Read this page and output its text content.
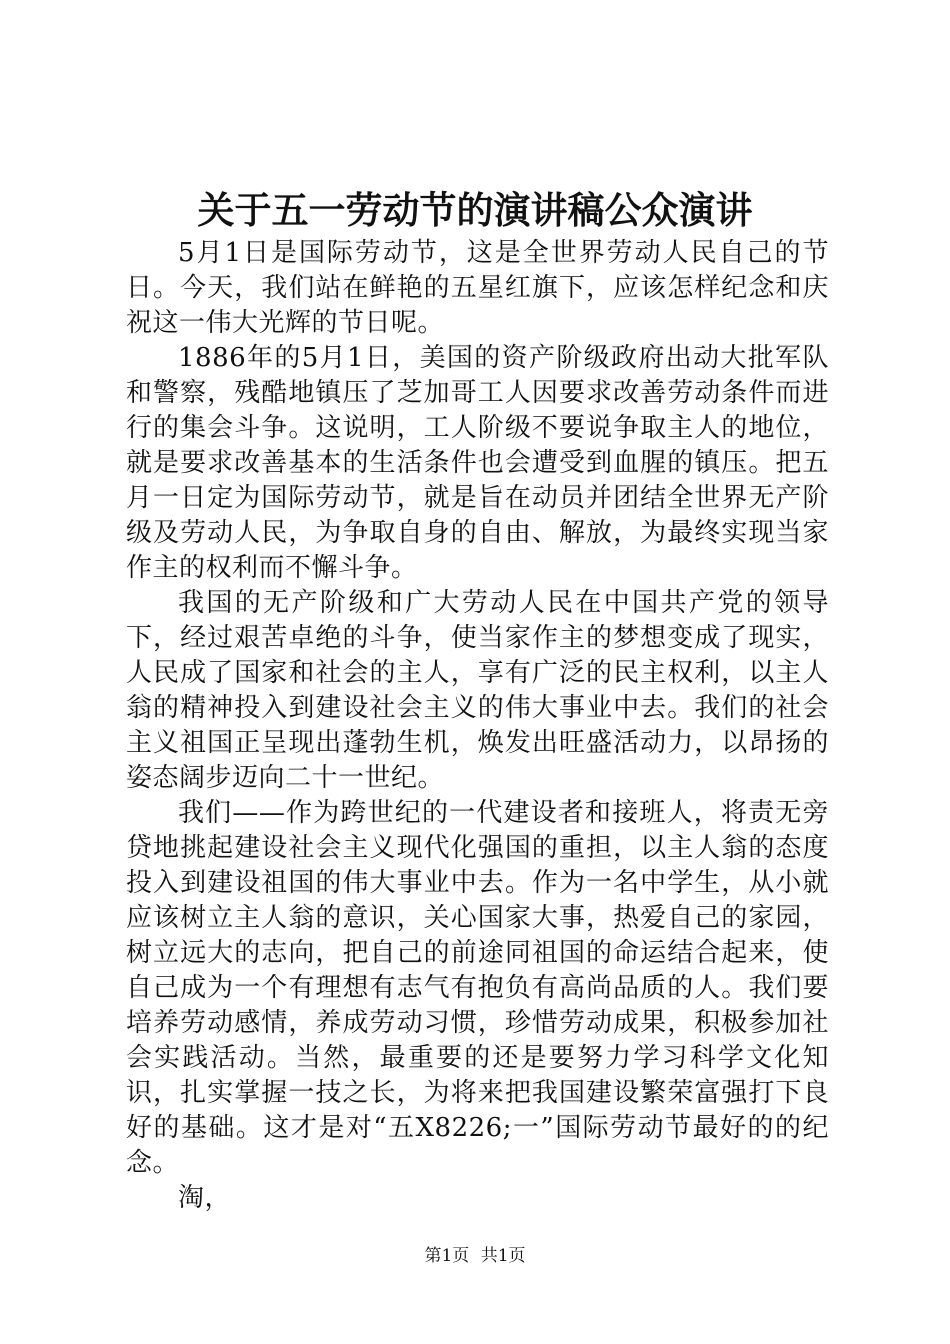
关于五一劳动节的演讲稿公众演讲

5月1日是国际劳动节，这是全世界劳动人民自己的节日。今天，我们站在鲜艳的五星红旗下，应该怎样纪念和庆祝这一伟大光辉的节日呢。

1886年的5月1日，美国的资产阶级政府出动大批军队和警察，残酷地镇压了芝加哥工人因要求改善劳动条件而进行的集会斗争。这说明，工人阶级不要说争取主人的地位，就是要求改善基本的生活条件也会遭受到血腥的镇压。把五月一日定为国际劳动节，就是旨在动员并团结全世界无产阶级及劳动人民，为争取自身的自由、解放，为最终实现当家作主的权利而不懈斗争。

我国的无产阶级和广大劳动人民在中国共产党的领导下，经过艰苦卓绝的斗争，使当家作主的梦想变成了现实，人民成了国家和社会的主人，享有广泛的民主权利，以主人翁的精神投入到建设社会主义的伟大事业中去。我们的社会主义祖国正呈现出蓬勃生机，焕发出旺盛活动力，以昂扬的姿态阔步迈向二十一世纪。

我们——作为跨世纪的一代建设者和接班人，将责无旁贷地挑起建设社会主义现代化强国的重担，以主人翁的态度投入到建设祖国的伟大事业中去。作为一名中学生，从小就应该树立主人翁的意识，关心国家大事，热爱自己的家园，树立远大的志向，把自己的前途同祖国的命运结合起来，使自己成为一个有理想有志气有抱负有高尚品质的人。我们要培养劳动感情，养成劳动习惯，珍惜劳动成果，积极参加社会实践活动。当然，最重要的还是要努力学习科学文化知识，扎实掌握一技之长，为将来把我国建设繁荣富强打下良好的基础。这才是对“五X8226;一”国际劳动节最好的的纪念。

淘，

第1页 共1页
